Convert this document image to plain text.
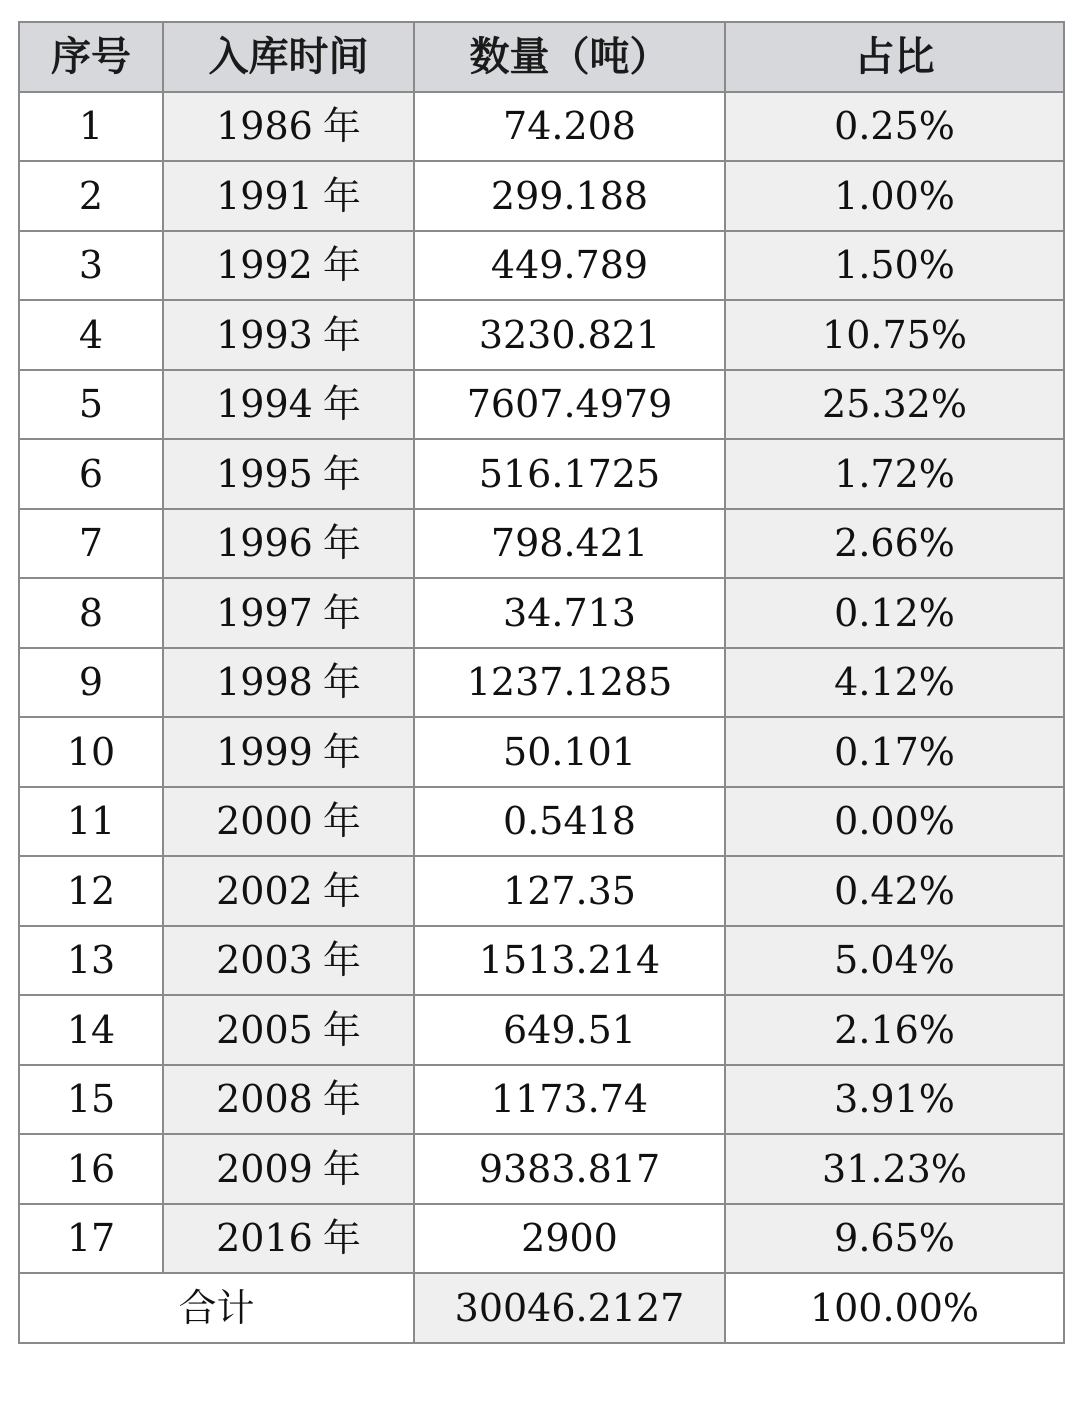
序号	入库时间	数量（吨）	占比
1	1986 年	74.208	0.25%
2	1991 年	299.188	1.00%
3	1992 年	449.789	1.50%
4	1993 年	3230.821	10.75%
5	1994 年	7607.4979	25.32%
6	1995 年	516.1725	1.72%
7	1996 年	798.421	2.66%
8	1997 年	34.713	0.12%
9	1998 年	1237.1285	4.12%
10	1999 年	50.101	0.17%
11	2000 年	0.5418	0.00%
12	2002 年	127.35	0.42%
13	2003 年	1513.214	5.04%
14	2005 年	649.51	2.16%
15	2008 年	1173.74	3.91%
16	2009 年	9383.817	31.23%
17	2016 年	2900	9.65%
合计		30046.2127	100.00%
